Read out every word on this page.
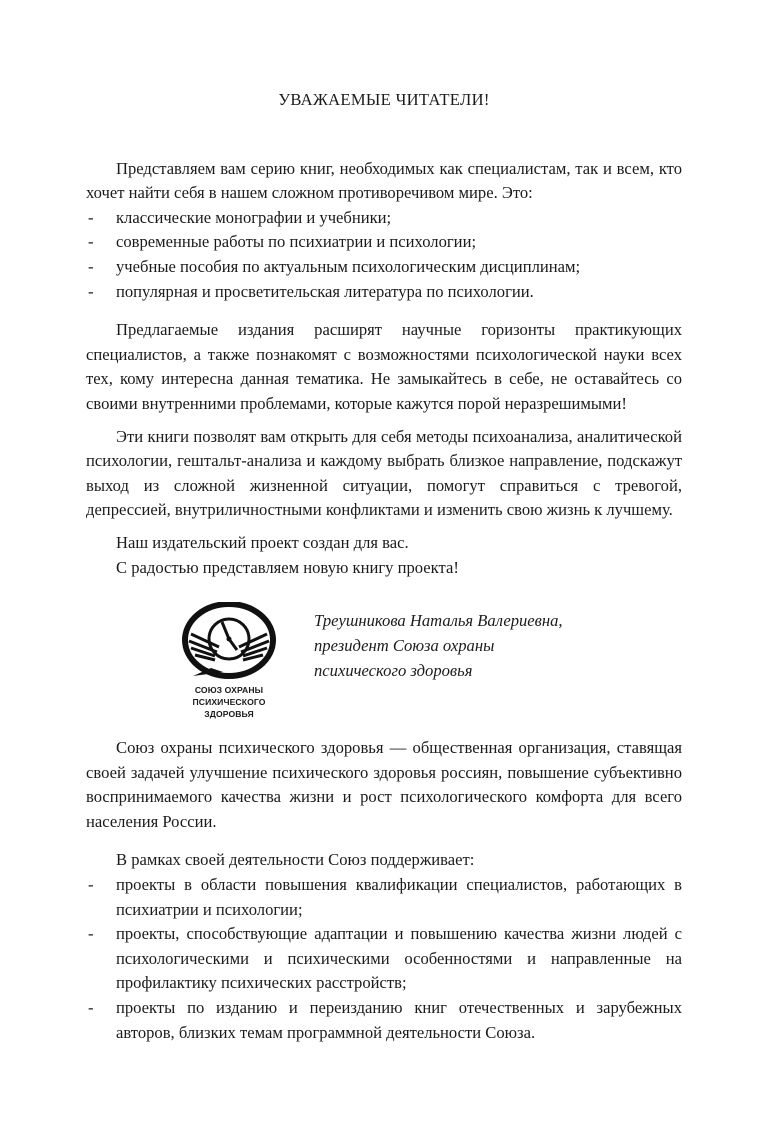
УВАЖАЕМЫЕ ЧИТАТЕЛИ!

Представляем вам серию книг, необходимых как специалистам, так и всем, кто хочет найти себя в нашем сложном противоречивом мире. Это:

- классические монографии и учебники;
- современные работы по психиатрии и психологии;
- учебные пособия по актуальным психологическим дисциплинам;
- популярная и просветительская литература по психологии.

Предлагаемые издания расширят научные горизонты практикующих специалистов, а также познакомят с возможностями психологической науки всех тех, кому интересна данная тематика. Не замыкайтесь в себе, не оставайтесь со своими внутренними проблемами, которые кажутся порой неразрешимыми!

Эти книги позволят вам открыть для себя методы психоанализа, аналитической психологии, гештальт-анализа и каждому выбрать близкое направление, подскажут выход из сложной жизненной ситуации, помогут справиться с тревогой, депрессией, внутриличностными конфликтами и изменить свою жизнь к лучшему.

Наш издательский проект создан для вас.
С радостью представляем новую книгу проекта!
СОЮЗ ОХРАНЫ
ПСИХИЧЕСКОГО ЗДОРОВЬЯ
Треушникова Наталья Валериевна,
президент Союза охраны
психического здоровья

Союз охраны психического здоровья — общественная организация, ставящая своей задачей улучшение психического здоровья россиян, повышение субъективно воспринимаемого качества жизни и рост психологического комфорта для всего населения России.

В рамках своей деятельности Союз поддерживает:

- проекты в области повышения квалификации специалистов, работающих в психиатрии и психологии;
- проекты, способствующие адаптации и повышению качества жизни людей с психологическими и психическими особенностями и направленные на профилактику психических расстройств;
- проекты по изданию и переизданию книг отечественных и зарубежных авторов, близких темам программной деятельности Союза.
